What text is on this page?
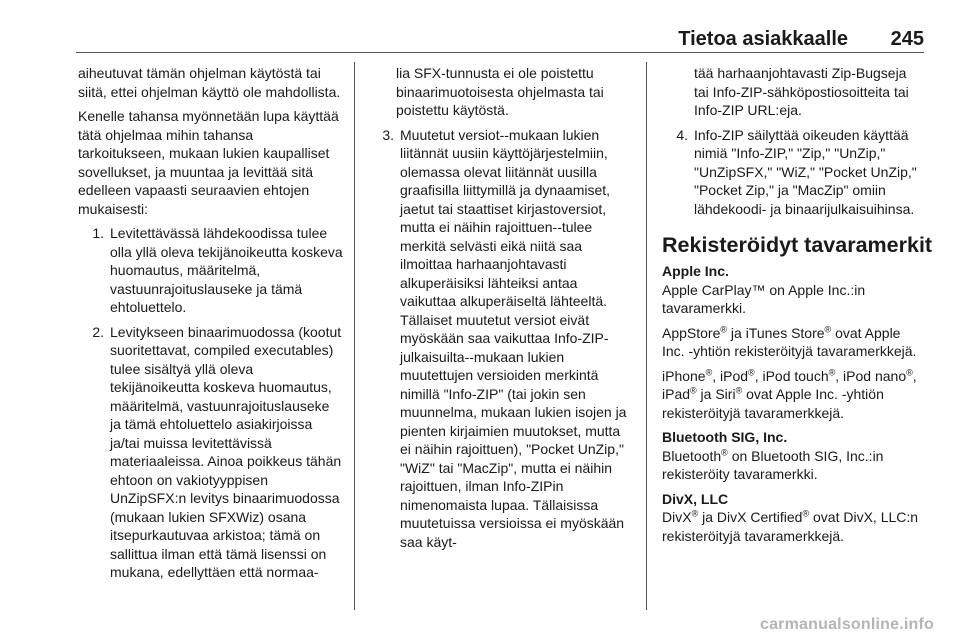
Tietoa asiakkaalle	245

aiheutuvat tämän ohjelman käytöstä tai siitä, ettei ohjelman käyttö ole mahdollista.

Kenelle tahansa myönnetään lupa käyttää tätä ohjelmaa mihin tahansa tarkoitukseen, mukaan lukien kaupalliset sovellukset, ja muuntaa ja levittää sitä edelleen vapaasti seuraavien ehtojen mukaisesti:

1. Levitettävässä lähdekoodissa tulee olla yllä oleva tekijänoikeutta koskeva huomautus, määritelmä, vastuunrajoituslauseke ja tämä ehtoluettelo.
2. Levitykseen binaarimuodossa (kootut suoritettavat, compiled executables) tulee sisältyä yllä oleva tekijänoikeutta koskeva huomautus, määritelmä, vastuunrajoituslauseke ja tämä ehtoluettelo asiakirjoissa ja/tai muissa levitettävissä materiaaleissa. Ainoa poikkeus tähän ehtoon on vakiotyyppisen UnZipSFX:n levitys binaarimuodossa (mukaan lukien SFXWiz) osana itsepurkautuvaa arkistoa; tämä on sallittua ilman että tämä lisenssi on mukana, edellyttäen että normaa-

lia SFX-tunnusta ei ole poistettu binaarimuotoisesta ohjelmasta tai poistettu käytöstä.

3. Muutetut versiot--mukaan lukien liitännät uusiin käyttöjärjestelmiin, olemassa olevat liitännät uusilla graafisilla liittymillä ja dynaamiset, jaetut tai staattiset kirjastoversiot, mutta ei näihin rajoittuen--tulee merkitä selvästi eikä niitä saa ilmoittaa harhaanjohtavasti alkuperäisiksi lähteiksi antaa vaikuttaa alkuperäiseltä lähteeltä. Tällaiset muutetut versiot eivät myöskään saa vaikuttaa Info-ZIP-julkaisuilta--mukaan lukien muutettujen versioiden merkintä nimillä "Info-ZIP" (tai jokin sen muunnelma, mukaan lukien isojen ja pienten kirjaimien muutokset, mutta ei näihin rajoittuen), "Pocket UnZip," "WiZ" tai "MacZip", mutta ei näihin rajoittuen, ilman Info-ZIPin nimenomaista lupaa. Tällaisissa muutetuissa versioissa ei myöskään saa käyt-

tää harhaanjohtavasti Zip-Bugseja tai Info-ZIP-sähköpostiosoitteita tai Info-ZIP URL:eja.

4. Info-ZIP säilyttää oikeuden käyttää nimiä "Info-ZIP," "Zip," "UnZip," "UnZipSFX," "WiZ," "Pocket UnZip," "Pocket Zip," ja "MacZip" omiin lähdekoodi- ja binaarijulkaisuihinsa.
Rekisteröidyt tavaramerkit
Apple Inc.

Apple CarPlay™ on Apple Inc.:in tavaramerkki.

AppStore® ja iTunes Store® ovat Apple Inc. -yhtiön rekisteröityjä tavaramerkkejä.

iPhone®, iPod®, iPod touch®, iPod nano®, iPad® ja Siri® ovat Apple Inc. -yhtiön rekisteröityjä tavaramerkkejä.

Bluetooth SIG, Inc.

Bluetooth® on Bluetooth SIG, Inc.:in rekisteröity tavaramerkki.

DivX, LLC

DivX® ja DivX Certified® ovat DivX, LLC:n rekisteröityjä tavaramerkkejä.

carmanualsonline.info
